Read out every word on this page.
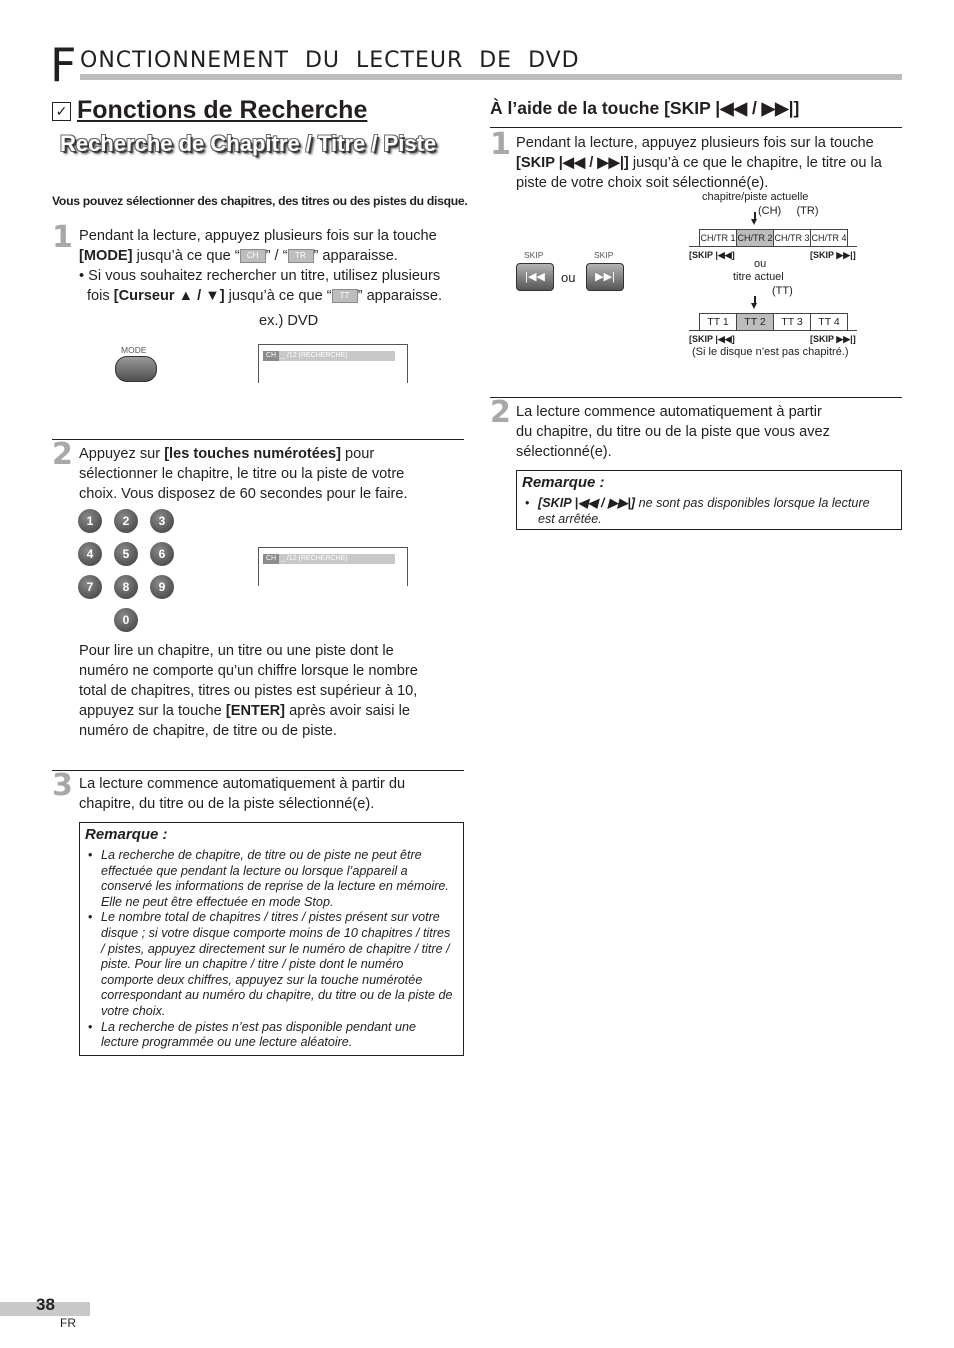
F ONCTIONNEMENT DU LECTEUR DE DVD
✓ Fonctions de Recherche
Recherche de Chapitre / Titre / Piste
Vous pouvez sélectionner des chapitres, des titres ou des pistes du disque.
1 Pendant la lecture, appuyez plusieurs fois sur la touche
[MODE] jusqu’à ce que “ CH ” / “ TR ” apparaisse.
• Si vous souhaitez rechercher un titre, utilisez plusieurs
fois [Curseur ▲ / ▼] jusqu’à ce que “ TT ” apparaisse.
ex.) DVD
MODE
CH _ /12 (RECHERCHE)
2 Appuyez sur [les touches numérotées] pour
sélectionner le chapitre, le titre ou la piste de votre
choix. Vous disposez de 60 secondes pour le faire.
1	2	3
4	5	6
7	8	9
0
CH _ /12 (RECHERCHE)
Pour lire un chapitre, un titre ou une piste dont le
numéro ne comporte qu’un chiffre lorsque le nombre
total de chapitres, titres ou pistes est supérieur à 10,
appuyez sur la touche [ENTER] après avoir saisi le
numéro de chapitre, de titre ou de piste.
3 La lecture commence automatiquement à partir du
chapitre, du titre ou de la piste sélectionné(e).
Remarque :
• La recherche de chapitre, de titre ou de piste ne peut être effectuée que pendant la lecture ou lorsque l’appareil a conservé les informations de reprise de la lecture en mémoire. Elle ne peut être effectuée en mode Stop.
• Le nombre total de chapitres / titres / pistes présent sur votre disque ; si votre disque comporte moins de 10 chapitres / titres / pistes, appuyez directement sur le numéro de chapitre / titre / piste. Pour lire un chapitre / titre / piste dont le numéro comporte deux chiffres, appuyez sur la touche numérotée correspondant au numéro du chapitre, du titre ou de la piste de votre choix.
• La recherche de pistes n’est pas disponible pendant une lecture programmée ou une lecture aléatoire.
À l’aide de la touche [SKIP |◀◀ / ▶▶|]
1 Pendant la lecture, appuyez plusieurs fois sur la touche
[SKIP |◀◀ / ▶▶|] jusqu’à ce que le chapitre, le titre ou la
piste de votre choix soit sélectionné(e).
SKIP
|◀◀	ou
SKIP
▶▶|
chapitre/piste actuelle
(CH)     (TR)
CH/TR 1 CH/TR 2 CH/TR 3 CH/TR 4
[SKIP |◀◀]	[SKIP ▶▶|]
ou
titre actuel
(TT)
TT 1	TT 2	TT 3	TT 4
[SKIP |◀◀]	[SKIP ▶▶|]
(Si le disque n’est pas chapitré.)
2 La lecture commence automatiquement à partir
du chapitre, du titre ou de la piste que vous avez
sélectionné(e).
Remarque :
• [SKIP |◀◀ / ▶▶|] ne sont pas disponibles lorsque la lecture
est arrêtée.
38
FR
